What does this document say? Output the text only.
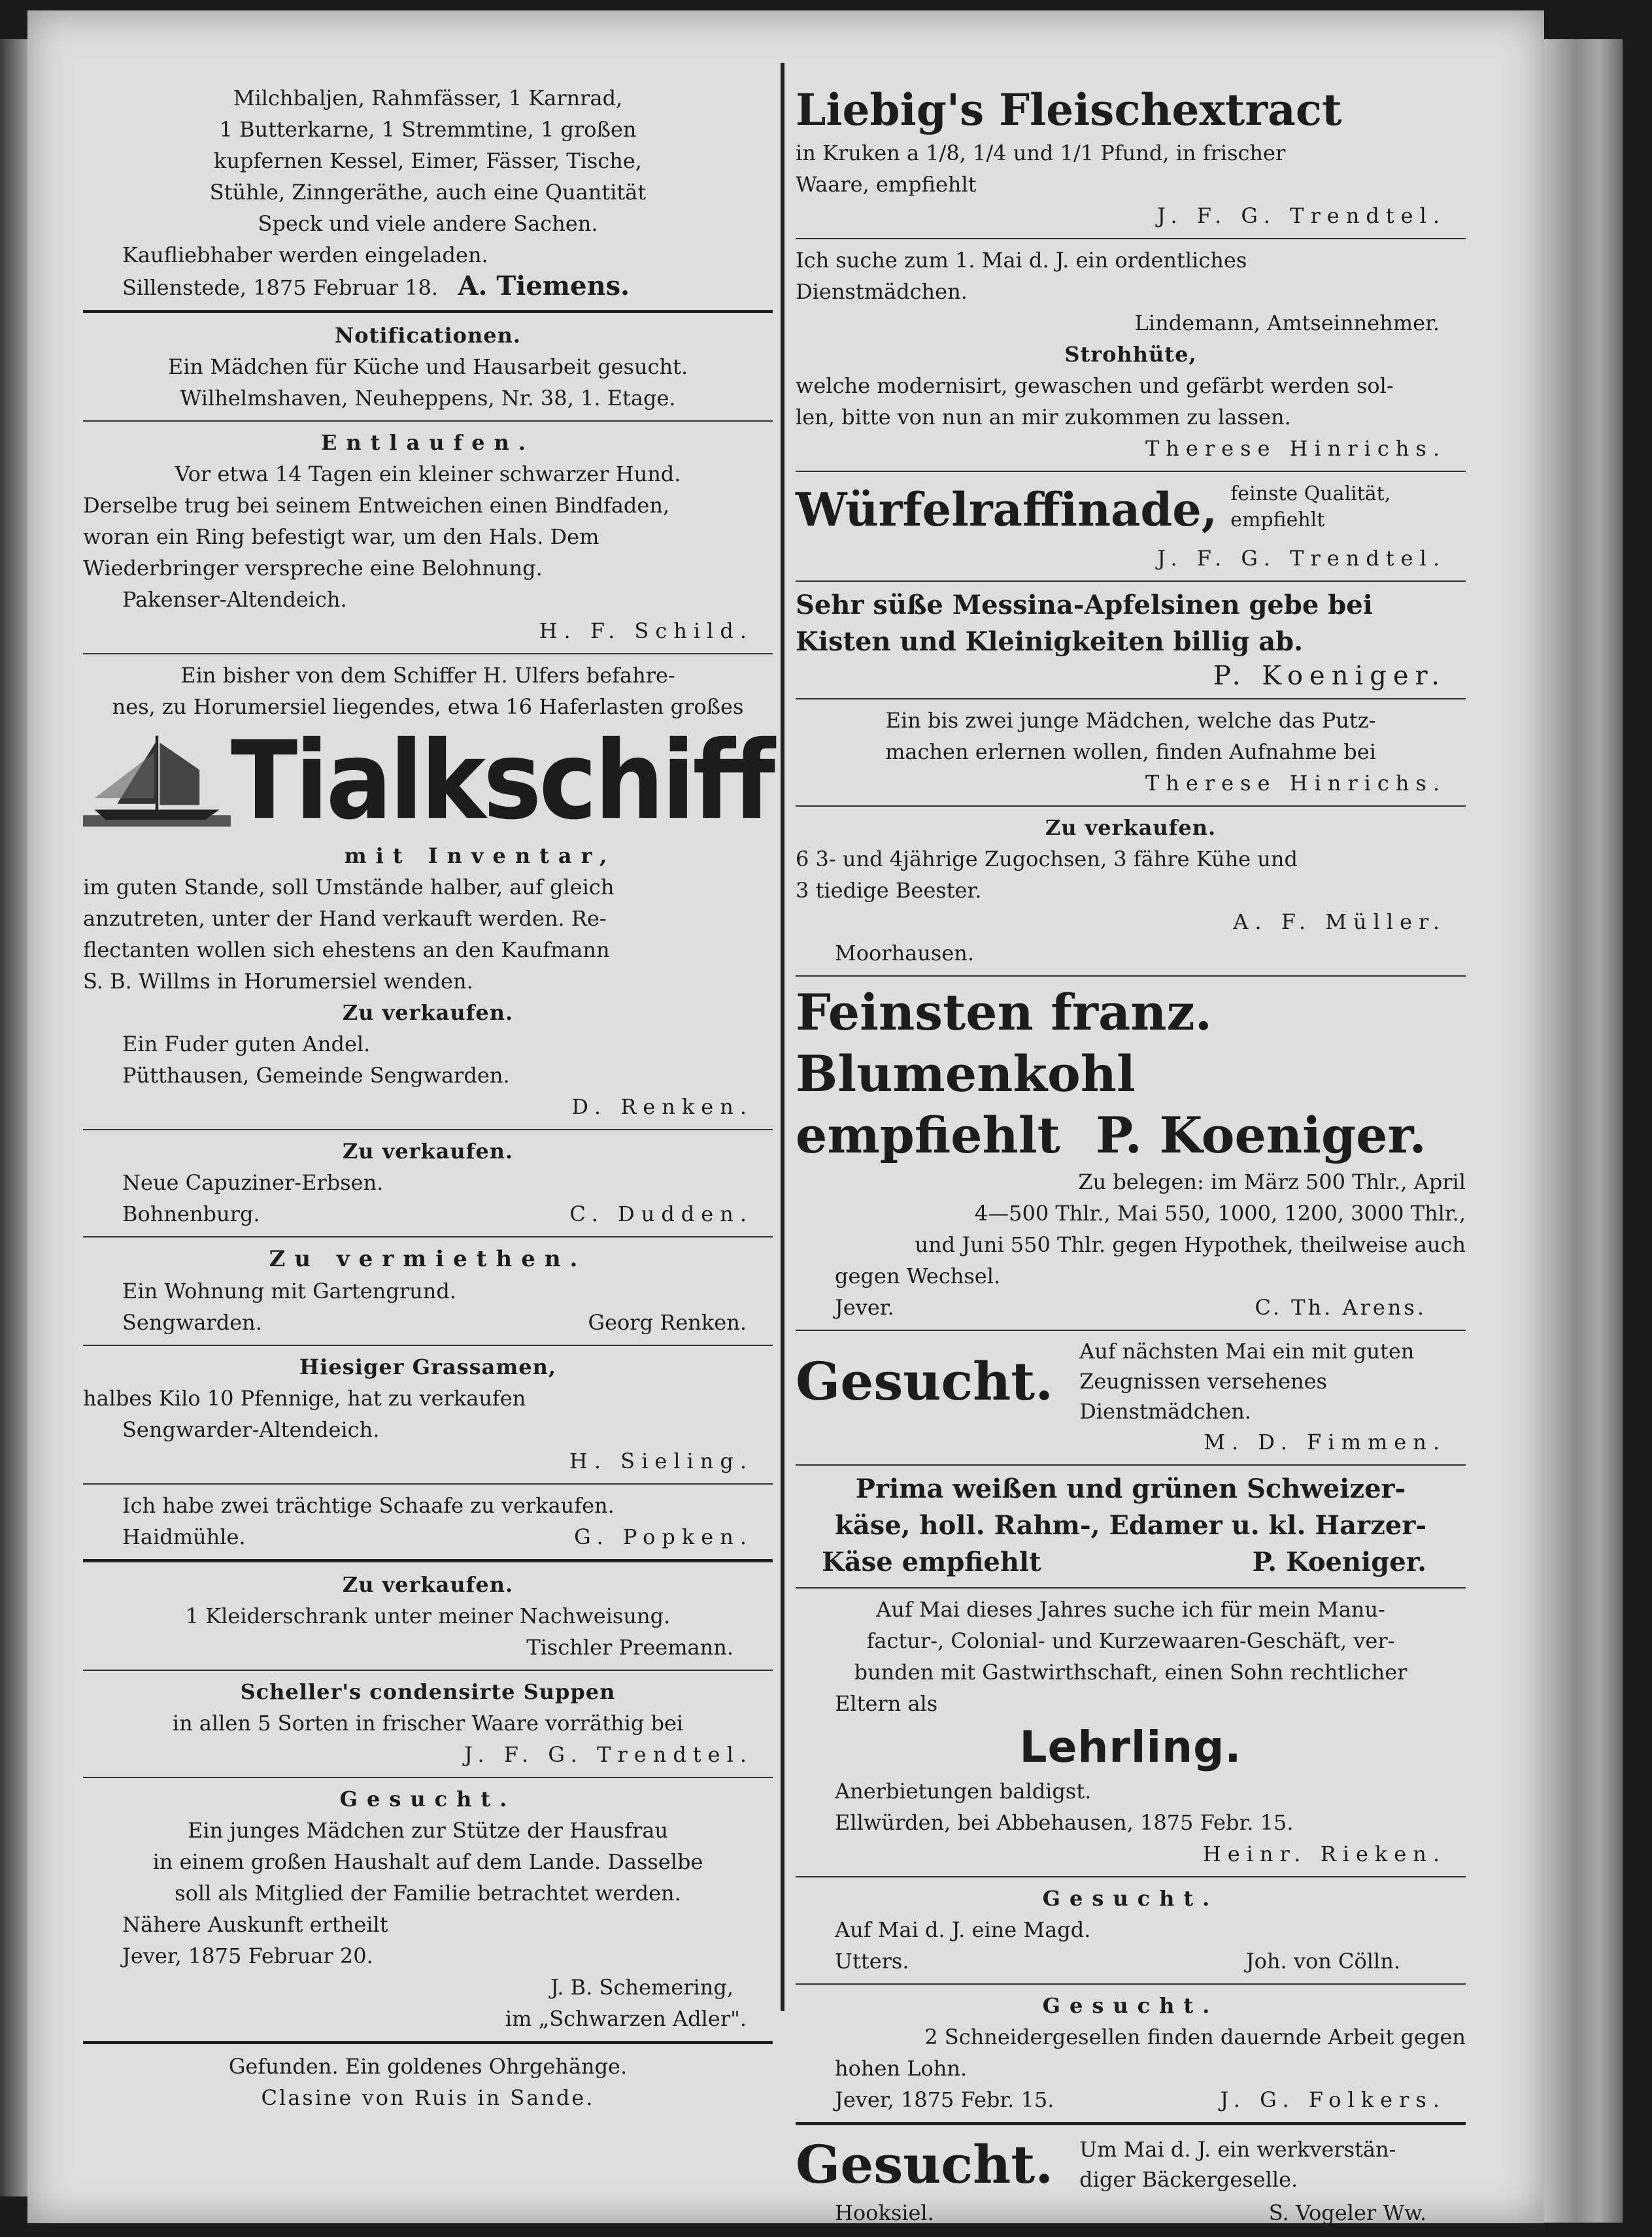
Milchbaljen, Rahmfässer, 1 Karnrad,

1 Butterkarne, 1 Stremmtine, 1 großen

kupfernen Kessel, Eimer, Fässer, Tische,

Stühle, Zinngeräthe, auch eine Quantität

Speck und viele andere Sachen.

Kaufliebhaber werden eingeladen.

Sillenstede, 1875 Februar 18. A. Tiemens.

Notificationen.

Ein Mädchen für Küche und Hausarbeit gesucht.

Wilhelmshaven, Neuheppens, Nr. 38, 1. Etage.

Entlaufen.

Vor etwa 14 Tagen ein kleiner schwarzer Hund.

Derselbe trug bei seinem Entweichen einen Bindfaden,

woran ein Ring befestigt war, um den Hals. Dem

Wiederbringer verspreche eine Belohnung.

Pakenser-Altendeich.

H. F. Schild.

Ein bisher von dem Schiffer H. Ulfers befahre-

nes, zu Horumersiel liegendes, etwa 16 Haferlasten großes

Tialkschiff

mit Inventar,

im guten Stande, soll Umstände halber, auf gleich

anzutreten, unter der Hand verkauft werden. Re-

flectanten wollen sich ehestens an den Kaufmann

S. B. Willms in Horumersiel wenden.

Zu verkaufen.

Ein Fuder guten Andel.

Pütthausen, Gemeinde Sengwarden.

D. Renken.

Zu verkaufen.

Neue Capuziner-Erbsen.

Bohnenburg.	C. Dudden.

Zu vermiethen.

Ein Wohnung mit Gartengrund.

Sengwarden.	Georg Renken.

Hiesiger Grassamen,

halbes Kilo 10 Pfennige, hat zu verkaufen

Sengwarder-Altendeich.

H. Sieling.

Ich habe zwei trächtige Schaafe zu verkaufen.

Haidmühle.	G. Popken.

Zu verkaufen.

1 Kleiderschrank unter meiner Nachweisung.

Tischler Preemann.

Scheller's condensirte Suppen

in allen 5 Sorten in frischer Waare vorräthig bei

J. F. G. Trendtel.

Gesucht.

Ein junges Mädchen zur Stütze der Hausfrau

in einem großen Haushalt auf dem Lande. Dasselbe

soll als Mitglied der Familie betrachtet werden.

Nähere Auskunft ertheilt

Jever, 1875 Februar 20.

J. B. Schemering,

im „Schwarzen Adler".

Gefunden. Ein goldenes Ohrgehänge.

Clasine von Ruis in Sande.

Liebig's Fleischextract

in Kruken a 1/8, 1/4 und 1/1 Pfund, in frischer

Waare, empfiehlt

J. F. G. Trendtel.

Ich suche zum 1. Mai d. J. ein ordentliches

Dienstmädchen.

Lindemann, Amtseinnehmer.

Strohhüte,

welche modernisirt, gewaschen und gefärbt werden sol-

len, bitte von nun an mir zukommen zu lassen.

Therese Hinrichs.

Würfelraffinade, feinste Qualität,
empfiehlt

J. F. G. Trendtel.

Sehr süße Messina-Apfelsinen gebe bei

Kisten und Kleinigkeiten billig ab.

P. Koeniger.

Ein bis zwei junge Mädchen, welche das Putz-

machen erlernen wollen, finden Aufnahme bei

Therese Hinrichs.

Zu verkaufen.

6 3- und 4jährige Zugochsen, 3 fähre Kühe und

3 tiedige Beester.

A. F. Müller.

Moorhausen.

Feinsten franz. Blumenkohl

empfiehlt P. Koeniger.

Zu belegen: im März 500 Thlr., April

4—500 Thlr., Mai 550, 1000, 1200, 3000 Thlr.,

und Juni 550 Thlr. gegen Hypothek, theilweise auch

gegen Wechsel.

Jever.	C. Th. Arens.
Gesucht.	Auf nächsten Mai ein mit guten
Zeugnissen versehenes Dienstmädchen.

M. D. Fimmen.

Prima weißen und grünen Schweizer-

käse, holl. Rahm-, Edamer u. kl. Harzer-

Käse empfiehlt	P. Koeniger.

Auf Mai dieses Jahres suche ich für mein Manu-

factur-, Colonial- und Kurzewaaren-Geschäft, ver-

bunden mit Gastwirthschaft, einen Sohn rechtlicher

Eltern als

Lehrling.

Anerbietungen baldigst.

Ellwürden, bei Abbehausen, 1875 Febr. 15.

Heinr. Rieken.

Gesucht.

Auf Mai d. J. eine Magd.

Utters.	Joh. von Cölln.

Gesucht.

2 Schneidergesellen finden dauernde Arbeit gegen

hohen Lohn.

Jever, 1875 Febr. 15.	J. G. Folkers.
Gesucht.	Um Mai d. J. ein werkverstän-
diger Bäckergeselle.
Hooksiel.	S. Vogeler Ww.
